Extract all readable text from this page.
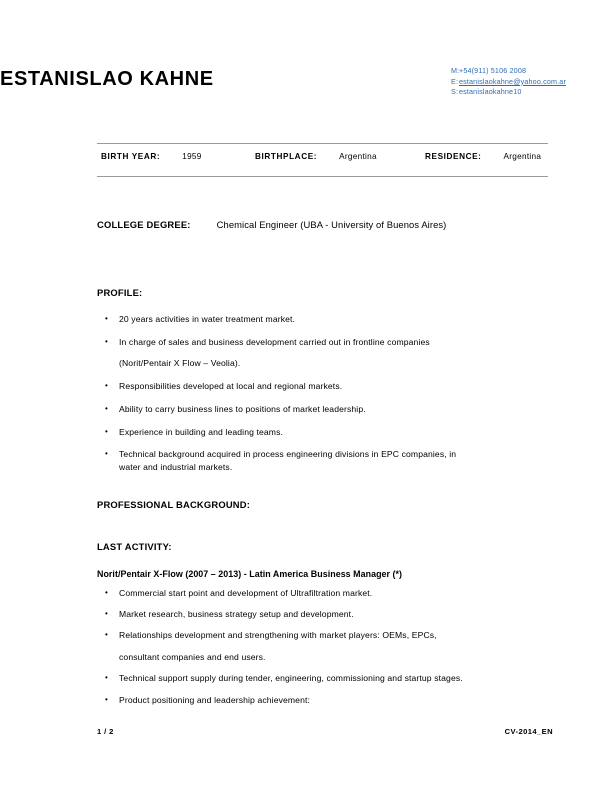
ESTANISLAO KAHNE	M:+54(911) 5106 2008
E:estanislaokahne@yahoo.com.ar
S:estanislaokahne10
BIRTH YEAR:	1959	BIRTHPLACE:	Argentina	RESIDENCE:	Argentina
COLLEGE DEGREE:	Chemical Engineer (UBA - University of Buenos Aires)
PROFILE:
• 20 years activities in water treatment market.
• In charge of sales and business development carried out in frontline companies
(Norit/Pentair X Flow – Veolia).
• Responsibilities developed at local and regional markets.
• Ability to carry business lines to positions of market leadership.
• Experience in building and leading teams.
• Technical background acquired in process engineering divisions in EPC companies, in
water and industrial markets.
PROFESSIONAL BACKGROUND:
LAST ACTIVITY:
Norit/Pentair X-Flow (2007 – 2013) - Latin America Business Manager (*)
• Commercial start point and development of Ultrafiltration market.
• Market research, business strategy setup and development.
• Relationships development and strengthening with market players: OEMs, EPCs,
consultant companies and end users.
• Technical support supply during tender, engineering, commissioning and startup stages.
• Product positioning and leadership achievement:
1 / 2	CV-2014_EN
